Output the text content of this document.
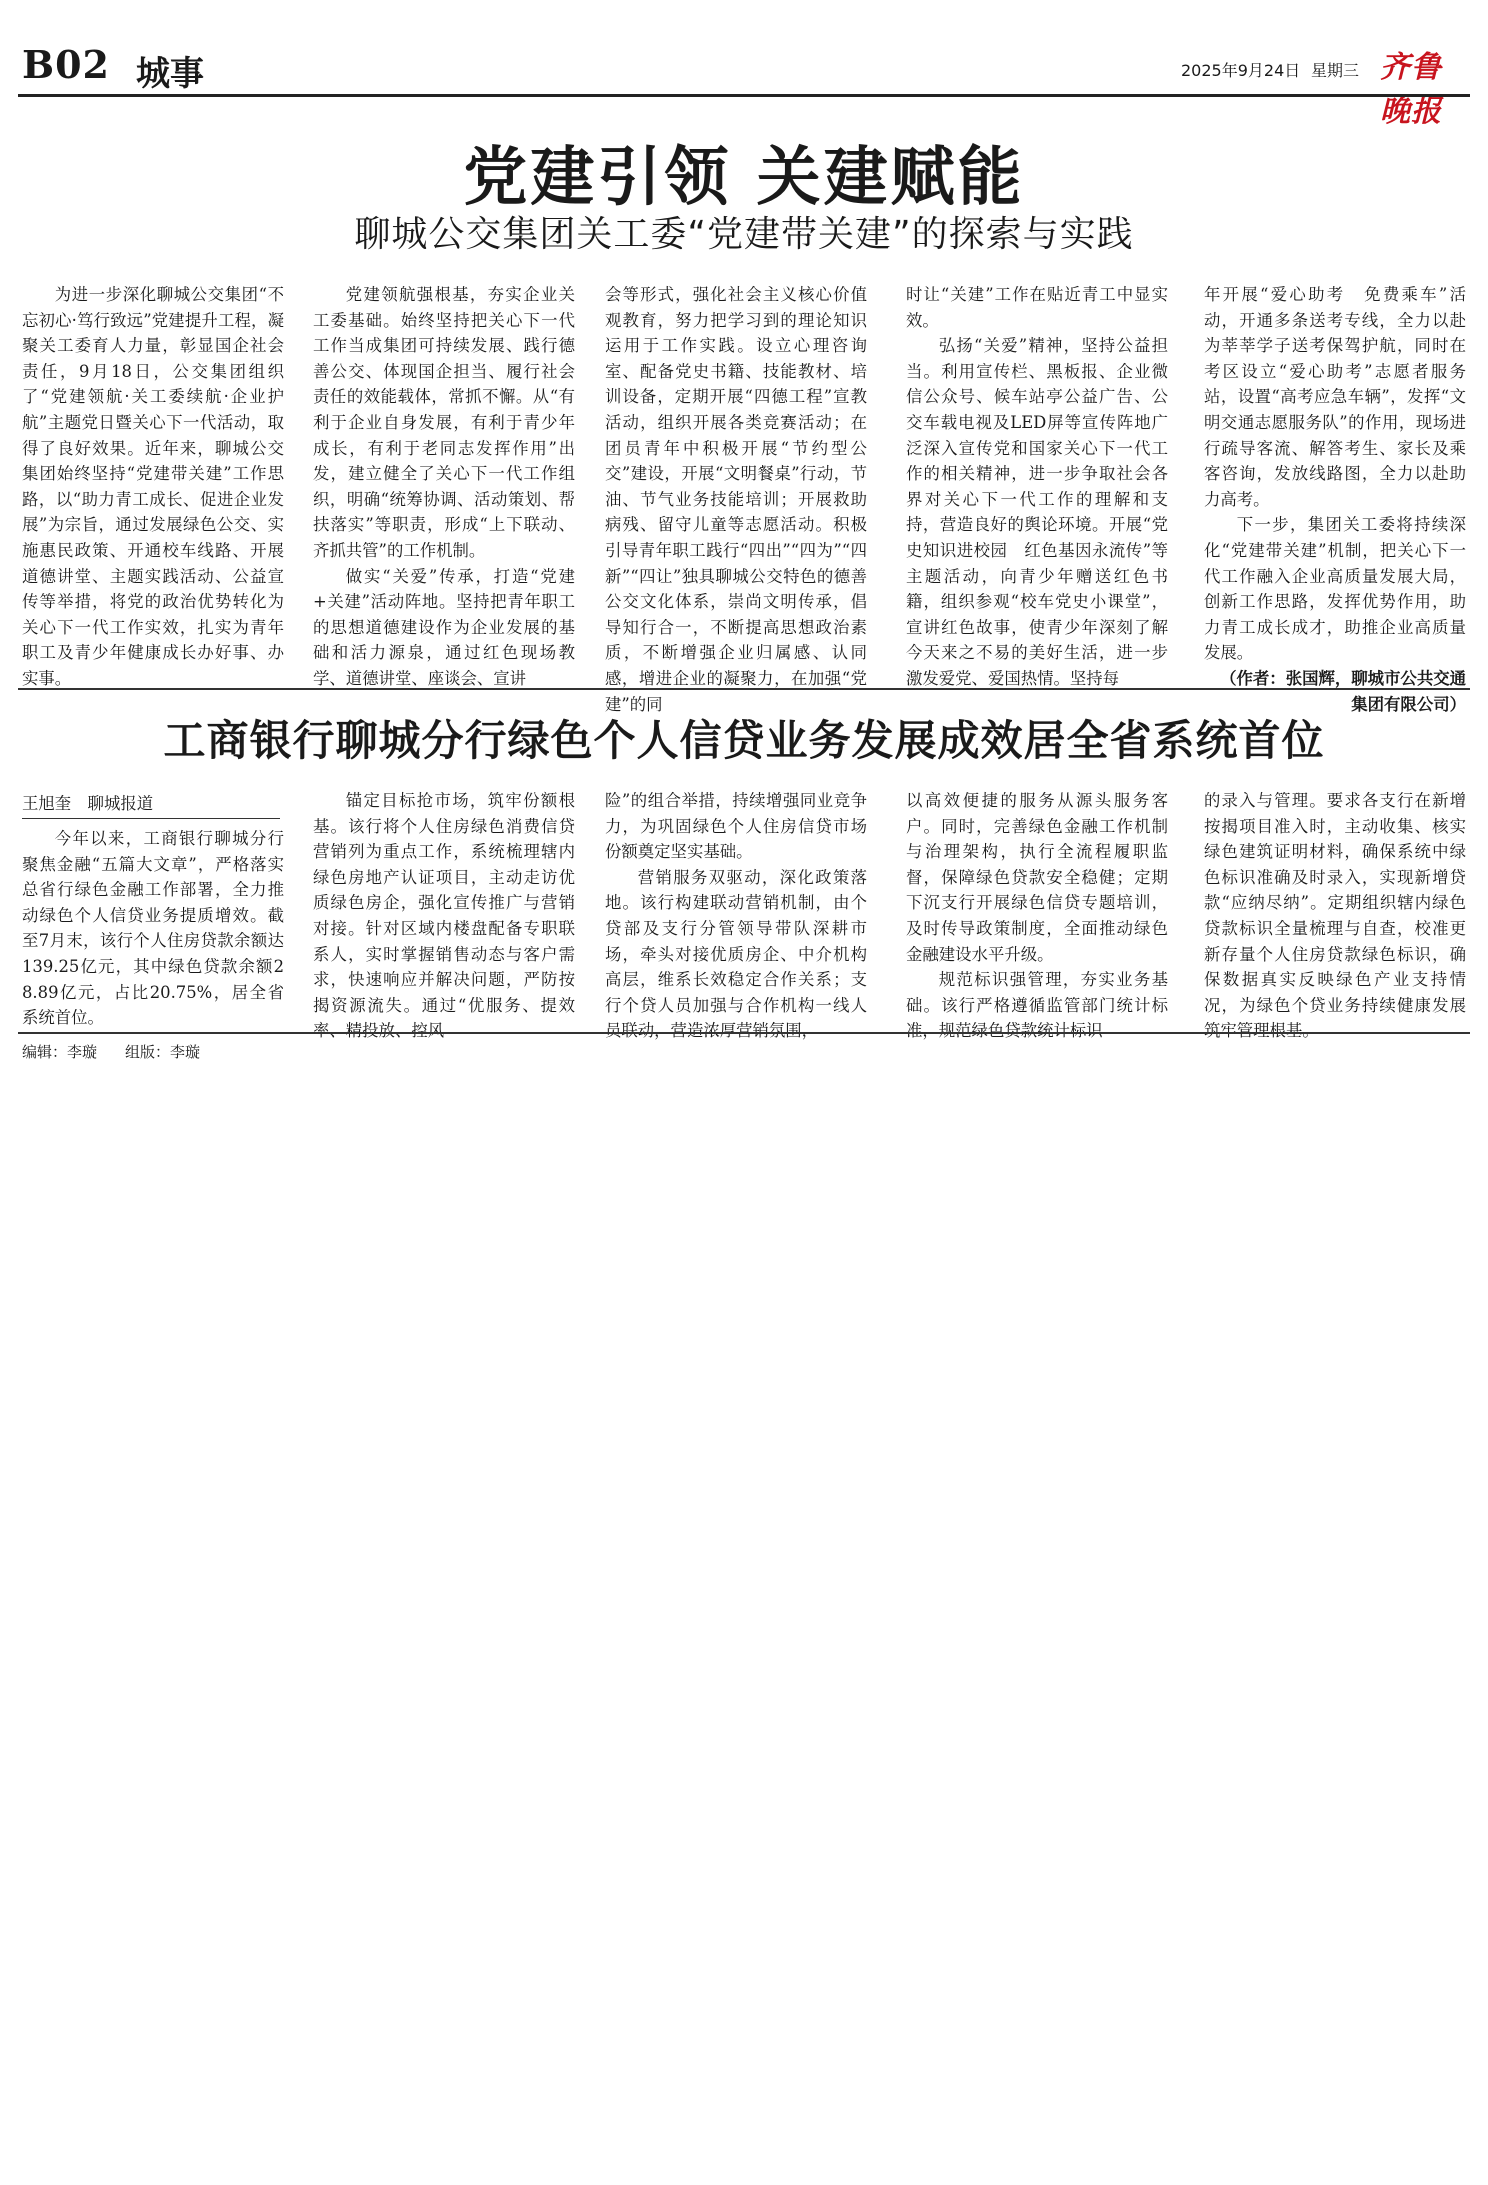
B02 城事	2025年9月24日 星期三 齐鲁晚报
党建引领 关建赋能
聊城公交集团关工委“党建带关建”的探索与实践

为进一步深化聊城公交集团“不忘初心·笃行致远”党建提升工程，凝聚关工委育人力量，彰显国企社会责任，9月18日，公交集团组织了“党建领航·关工委续航·企业护航”主题党日暨关心下一代活动，取得了良好效果。近年来，聊城公交集团始终坚持“党建带关建”工作思路，以“助力青工成长、促进企业发展”为宗旨，通过发展绿色公交、实施惠民政策、开通校车线路、开展道德讲堂、主题实践活动、公益宣传等举措，将党的政治优势转化为关心下一代工作实效，扎实为青年职工及青少年健康成长办好事、办实事。

党建领航强根基，夯实企业关工委基础。始终坚持把关心下一代工作当成集团可持续发展、践行德善公交、体现国企担当、履行社会责任的效能载体，常抓不懈。从“有利于企业自身发展，有利于青少年成长，有利于老同志发挥作用”出发，建立健全了关心下一代工作组织，明确“统筹协调、活动策划、帮扶落实”等职责，形成“上下联动、齐抓共管”的工作机制。

做实“关爱”传承，打造“党建+关建”活动阵地。坚持把青年职工的思想道德建设作为企业发展的基础和活力源泉，通过红色现场教学、道德讲堂、座谈会、宣讲

会等形式，强化社会主义核心价值观教育，努力把学习到的理论知识运用于工作实践。设立心理咨询室、配备党史书籍、技能教材、培训设备，定期开展“四德工程”宣教活动，组织开展各类竞赛活动；在团员青年中积极开展“节约型公交”建设，开展“文明餐桌”行动，节油、节气业务技能培训；开展救助病残、留守儿童等志愿活动。积极引导青年职工践行“四出”“四为”“四新”“四让”独具聊城公交特色的德善公交文化体系，崇尚文明传承，倡导知行合一，不断提高思想政治素质，不断增强企业归属感、认同感，增进企业的凝聚力，在加强“党建”的同

时让“关建”工作在贴近青工中显实效。

弘扬“关爱”精神，坚持公益担当。利用宣传栏、黑板报、企业微信公众号、候车站亭公益广告、公交车载电视及LED屏等宣传阵地广泛深入宣传党和国家关心下一代工作的相关精神，进一步争取社会各界对关心下一代工作的理解和支持，营造良好的舆论环境。开展“党史知识进校园　红色基因永流传”等主题活动，向青少年赠送红色书籍，组织参观“校车党史小课堂”，宣讲红色故事，使青少年深刻了解今天来之不易的美好生活，进一步激发爱党、爱国热情。坚持每

年开展“爱心助考　免费乘车”活动，开通多条送考专线，全力以赴为莘莘学子送考保驾护航，同时在考区设立“爱心助考”志愿者服务站，设置“高考应急车辆”，发挥“文明交通志愿服务队”的作用，现场进行疏导客流、解答考生、家长及乘客咨询，发放线路图，全力以赴助力高考。

下一步，集团关工委将持续深化“党建带关建”机制，把关心下一代工作融入企业高质量发展大局，创新工作思路，发挥优势作用，助力青工成长成才，助推企业高质量发展。

（作者：张国辉，聊城市公共交通集团有限公司）

工商银行聊城分行绿色个人信贷业务发展成效居全省系统首位
王旭奎　聊城报道

今年以来，工商银行聊城分行聚焦金融“五篇大文章”，严格落实总省行绿色金融工作部署，全力推动绿色个人信贷业务提质增效。截至7月末，该行个人住房贷款余额达139.25亿元，其中绿色贷款余额28.89亿元，占比20.75%，居全省系统首位。

锚定目标抢市场，筑牢份额根基。该行将个人住房绿色消费信贷营销列为重点工作，系统梳理辖内绿色房地产认证项目，主动走访优质绿色房企，强化宣传推广与营销对接。针对区域内楼盘配备专职联系人，实时掌握销售动态与客户需求，快速响应并解决问题，严防按揭资源流失。通过“优服务、提效率、精投放、控风

险”的组合举措，持续增强同业竞争力，为巩固绿色个人住房信贷市场份额奠定坚实基础。

营销服务双驱动，深化政策落地。该行构建联动营销机制，由个贷部及支行分管领导带队深耕市场，牵头对接优质房企、中介机构高层，维系长效稳定合作关系；支行个贷人员加强与合作机构一线人员联动，营造浓厚营销氛围，

以高效便捷的服务从源头服务客户。同时，完善绿色金融工作机制与治理架构，执行全流程履职监督，保障绿色贷款安全稳健；定期下沉支行开展绿色信贷专题培训，及时传导政策制度，全面推动绿色金融建设水平升级。

规范标识强管理，夯实业务基础。该行严格遵循监管部门统计标准，规范绿色贷款统计标识

的录入与管理。要求各支行在新增按揭项目准入时，主动收集、核实绿色建筑证明材料，确保系统中绿色标识准确及时录入，实现新增贷款“应纳尽纳”。定期组织辖内绿色贷款标识全量梳理与自查，校准更新存量个人住房贷款绿色标识，确保数据真实反映绿色产业支持情况，为绿色个贷业务持续健康发展筑牢管理根基。

编辑：李璇 组版：李璇
